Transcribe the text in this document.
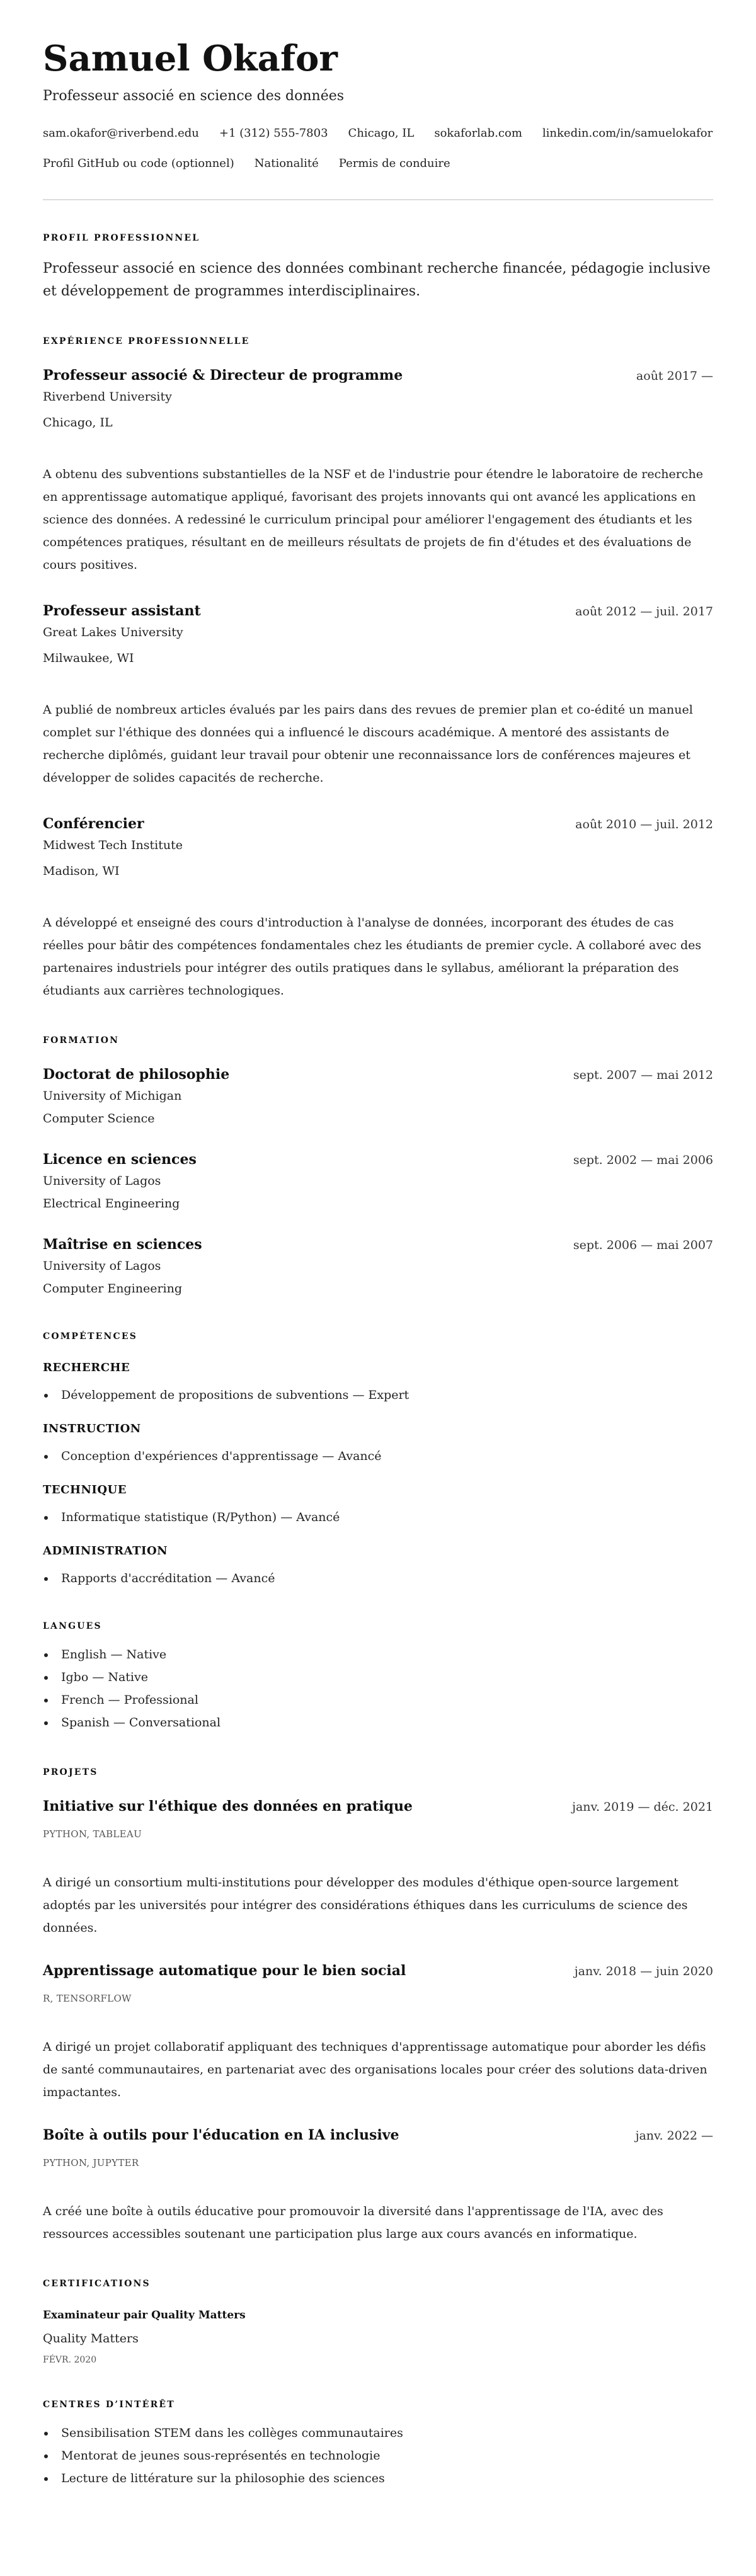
Samuel Okafor
Professeur associé en science des données
sam.okafor@riverbend.edu +1 (312) 555-7803 Chicago, IL sokaforlab.com linkedin.com/in/samuelokafor
Profil GitHub ou code (optionnel) Nationalité Permis de conduire
PROFIL PROFESSIONNEL

Professeur associé en science des données combinant recherche financée, pédagogie inclusive et développement de programmes interdisciplinaires.

EXPÉRIENCE PROFESSIONNELLE
Professeur associé & Directeur de programme	août 2017 —
Riverbend University
Chicago, IL

A obtenu des subventions substantielles de la NSF et de l'industrie pour étendre le laboratoire de recherche en apprentissage automatique appliqué, favorisant des projets innovants qui ont avancé les applications en science des données. A redessiné le curriculum principal pour améliorer l'engagement des étudiants et les compétences pratiques, résultant en de meilleurs résultats de projets de fin d'études et des évaluations de cours positives.

Professeur assistant	août 2012 — juil. 2017
Great Lakes University
Milwaukee, WI

A publié de nombreux articles évalués par les pairs dans des revues de premier plan et co-édité un manuel complet sur l'éthique des données qui a influencé le discours académique. A mentoré des assistants de recherche diplômés, guidant leur travail pour obtenir une reconnaissance lors de conférences majeures et développer de solides capacités de recherche.

Conférencier	août 2010 — juil. 2012
Midwest Tech Institute
Madison, WI

A développé et enseigné des cours d'introduction à l'analyse de données, incorporant des études de cas réelles pour bâtir des compétences fondamentales chez les étudiants de premier cycle. A collaboré avec des partenaires industriels pour intégrer des outils pratiques dans le syllabus, améliorant la préparation des étudiants aux carrières technologiques.

FORMATION
Doctorat de philosophie	sept. 2007 — mai 2012
University of Michigan
Computer Science
Licence en sciences	sept. 2002 — mai 2006
University of Lagos
Electrical Engineering
Maîtrise en sciences	sept. 2006 — mai 2007
University of Lagos
Computer Engineering
COMPÉTENCES
RECHERCHE
Développement de propositions de subventions — Expert
INSTRUCTION
Conception d'expériences d'apprentissage — Avancé
TECHNIQUE
Informatique statistique (R/Python) — Avancé
ADMINISTRATION
Rapports d'accréditation — Avancé
LANGUES
English — Native
Igbo — Native
French — Professional
Spanish — Conversational
PROJETS
Initiative sur l'éthique des données en pratique	janv. 2019 — déc. 2021
PYTHON, TABLEAU

A dirigé un consortium multi-institutions pour développer des modules d'éthique open-source largement adoptés par les universités pour intégrer des considérations éthiques dans les curriculums de science des données.

Apprentissage automatique pour le bien social	janv. 2018 — juin 2020
R, TENSORFLOW

A dirigé un projet collaboratif appliquant des techniques d'apprentissage automatique pour aborder les défis de santé communautaires, en partenariat avec des organisations locales pour créer des solutions data-driven impactantes.

Boîte à outils pour l'éducation en IA inclusive	janv. 2022 —
PYTHON, JUPYTER

A créé une boîte à outils éducative pour promouvoir la diversité dans l'apprentissage de l'IA, avec des ressources accessibles soutenant une participation plus large aux cours avancés en informatique.

CERTIFICATIONS
Examinateur pair Quality Matters
Quality Matters
FÉVR. 2020
CENTRES D’INTÉRÊT
Sensibilisation STEM dans les collèges communautaires
Mentorat de jeunes sous-représentés en technologie
Lecture de littérature sur la philosophie des sciences
